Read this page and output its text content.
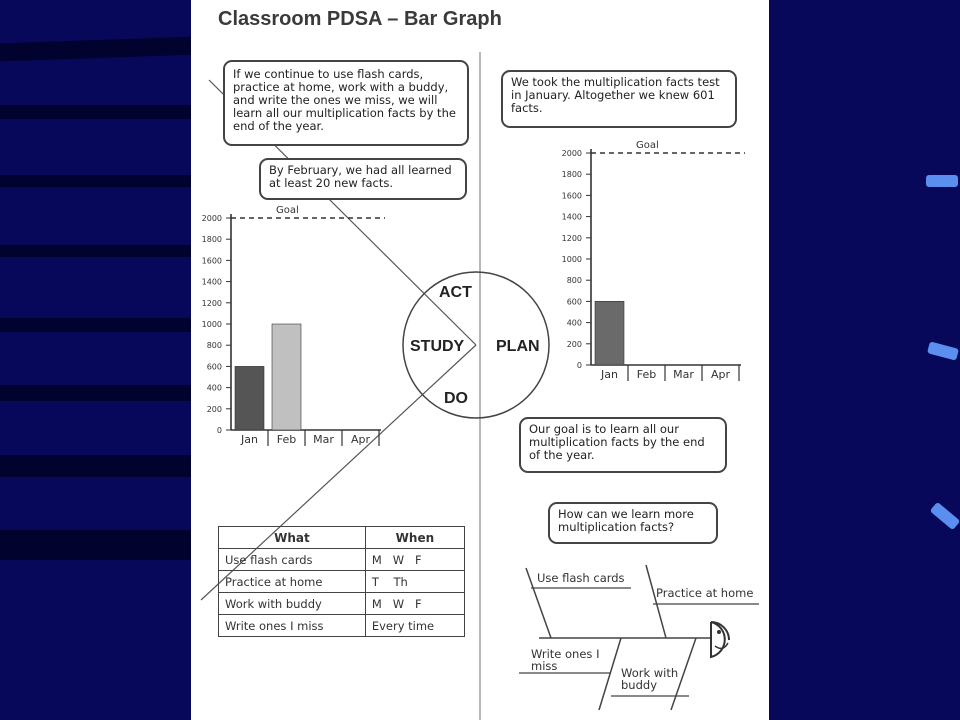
Classroom PDSA – Bar Graph
If we continue to use flash cards, practice at home, work with a buddy, and write the ones we miss, we will learn all our multiplication facts by the end of the year.
By February, we had all learned at least 20 new facts.
We took the multiplication facts test in January. Altogether we knew 601 facts.
Our goal is to learn all our multiplication facts by the end of the year.
How can we learn more multiplication facts?
0
200
400
600
800
1000
1200
1400
1600
1800
2000
Goal
Jan Feb Mar Apr
0
200
400
600
800
1000
1200
1400
1600
1800
2000
Goal
Jan Feb Mar Apr
ACT
STUDY PLAN
DO
What	When
Use flash cards	M   W   F
Practice at home	T    Th
Work with buddy	M   W   F
Write ones I miss	Every time
Use flash cards
Practice at home
Write ones I miss	Work with buddy
